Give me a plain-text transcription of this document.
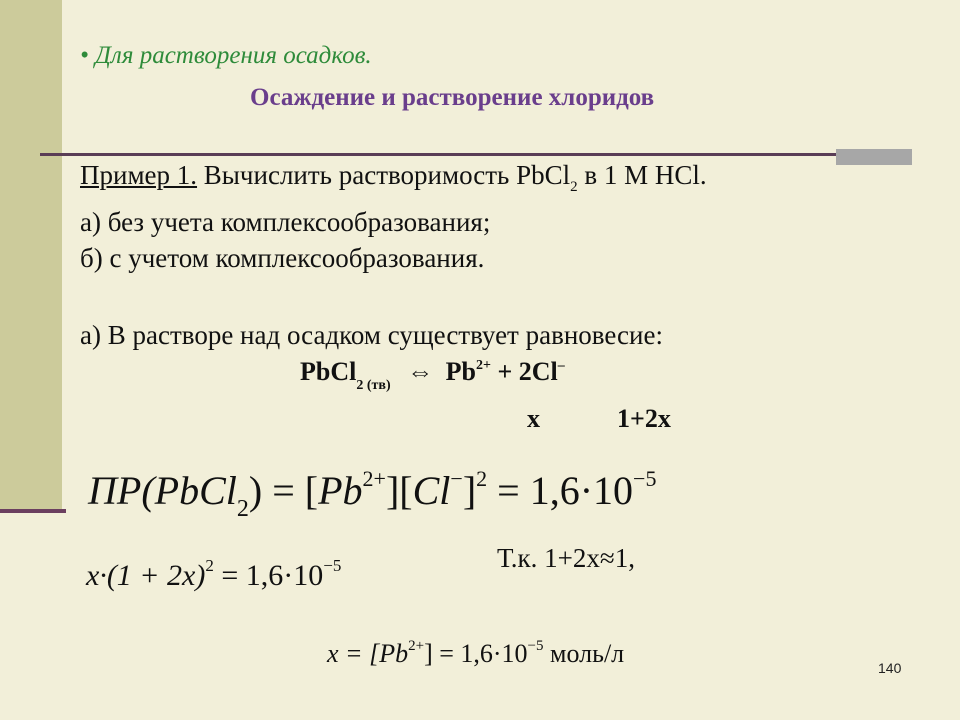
• Для растворения осадков.
Осаждение и растворение хлоридов
Пример 1. Вычислить растворимость PbCl$_2$ в 1 М HCl.
а) без учета комплексообразования;
б) с учетом комплексообразования.
а) В растворе над осадком существует равновесие:
PbCl$_{2 (тв)}$ ⇔ $Pb^{2+} + 2Cl^-$
x	1+2x
ПР(PbCl$_2$) = $[Pb^{2+}][Cl^-]^2 = 1,6\cdot 10^{-5}$
Т.к. 1+2x≈1,
$x\cdot(1 + 2x)^2 = 1,6\cdot 10^{-5}$
$x = [Pb^{2+}] = 1,6\cdot 10^{-5}$ моль/л	140
